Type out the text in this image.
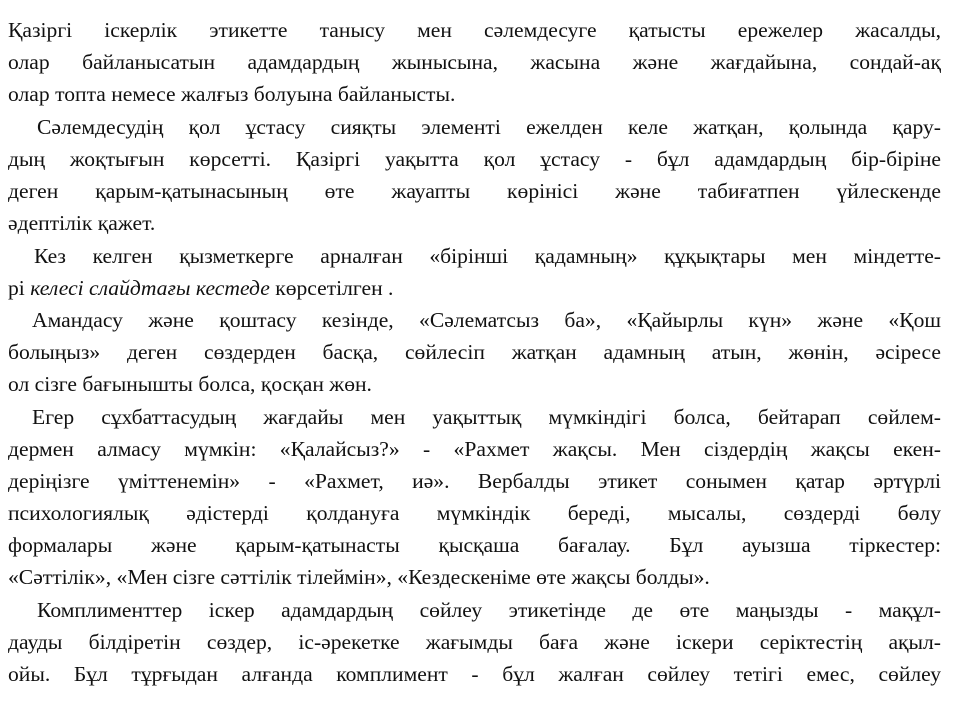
Қазіргі іскерлік этикетте танысу мен сәлемдесуге қатысты ережелер жасалды,
олар байланысатын адамдардың жынысына, жасына және жағдайына, сондай-ақ
олар топта немесе жалғыз болуына байланысты.
Сәлемдесудің қол ұстасу сияқты элементі ежелден келе жатқан, қолында қару-
дың жоқтығын көрсетті. Қазіргі уақытта қол ұстасу - бұл адамдардың бір-біріне
деген қарым-қатынасының өте жауапты көрінісі және табиғатпен үйлескенде
әдептілік қажет.
Кез келген қызметкерге арналған «бірінші қадамның» құқықтары мен міндетте-
рі келесі слайдтағы кестеде көрсетілген .
Амандасу және қоштасу кезінде, «Сәлематсыз ба», «Қайырлы күн» және «Қош
болыңыз» деген сөздерден басқа, сөйлесіп жатқан адамның атын, жөнін, әсіресе
ол сізге бағынышты болса, қосқан жөн.
Егер сұхбаттасудың жағдайы мен уақыттық мүмкіндігі болса, бейтарап сөйлем-
дермен алмасу мүмкін: «Қалайсыз?» - «Рахмет жақсы. Мен сіздердің жақсы екен-
деріңізге үміттенемін» - «Рахмет, иә». Вербалды этикет сонымен қатар әртүрлі
психологиялық әдістерді қолдануға мүмкіндік береді, мысалы, сөздерді бөлу
формалары және қарым-қатынасты қысқаша бағалау. Бұл ауызша тіркестер:
«Сәттілік», «Мен сізге сәттілік тілеймін», «Кездескеніме өте жақсы болды».
Комплименттер іскер адамдардың сөйлеу этикетінде де өте маңызды - мақұл-
дауды білдіретін сөздер, іс-әрекетке жағымды баға және іскери серіктестің ақыл-
ойы. Бұл тұрғыдан алғанда комплимент - бұл жалған сөйлеу тетігі емес, сөйлеу
